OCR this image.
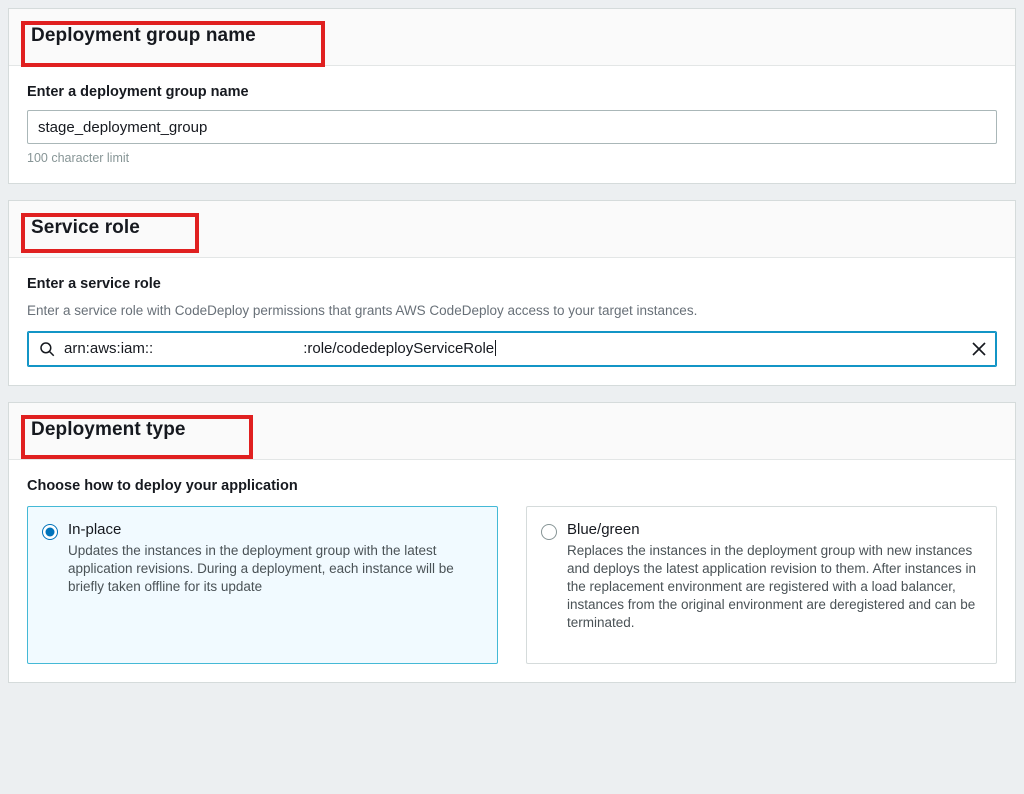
Deployment group name
Enter a deployment group name
stage_deployment_group
100 character limit
Service role
Enter a service role
Enter a service role with CodeDeploy permissions that grants AWS CodeDeploy access to your target instances.
arn:aws:iam::	:role/codedeployServiceRole
Deployment type
Choose how to deploy your application
In-place
Updates the instances in the deployment group with the latest application revisions. During a deployment, each instance will be briefly taken offline for its update
Blue/green
Replaces the instances in the deployment group with new instances and deploys the latest application revision to them. After instances in the replacement environment are registered with a load balancer, instances from the original environment are deregistered and can be terminated.
